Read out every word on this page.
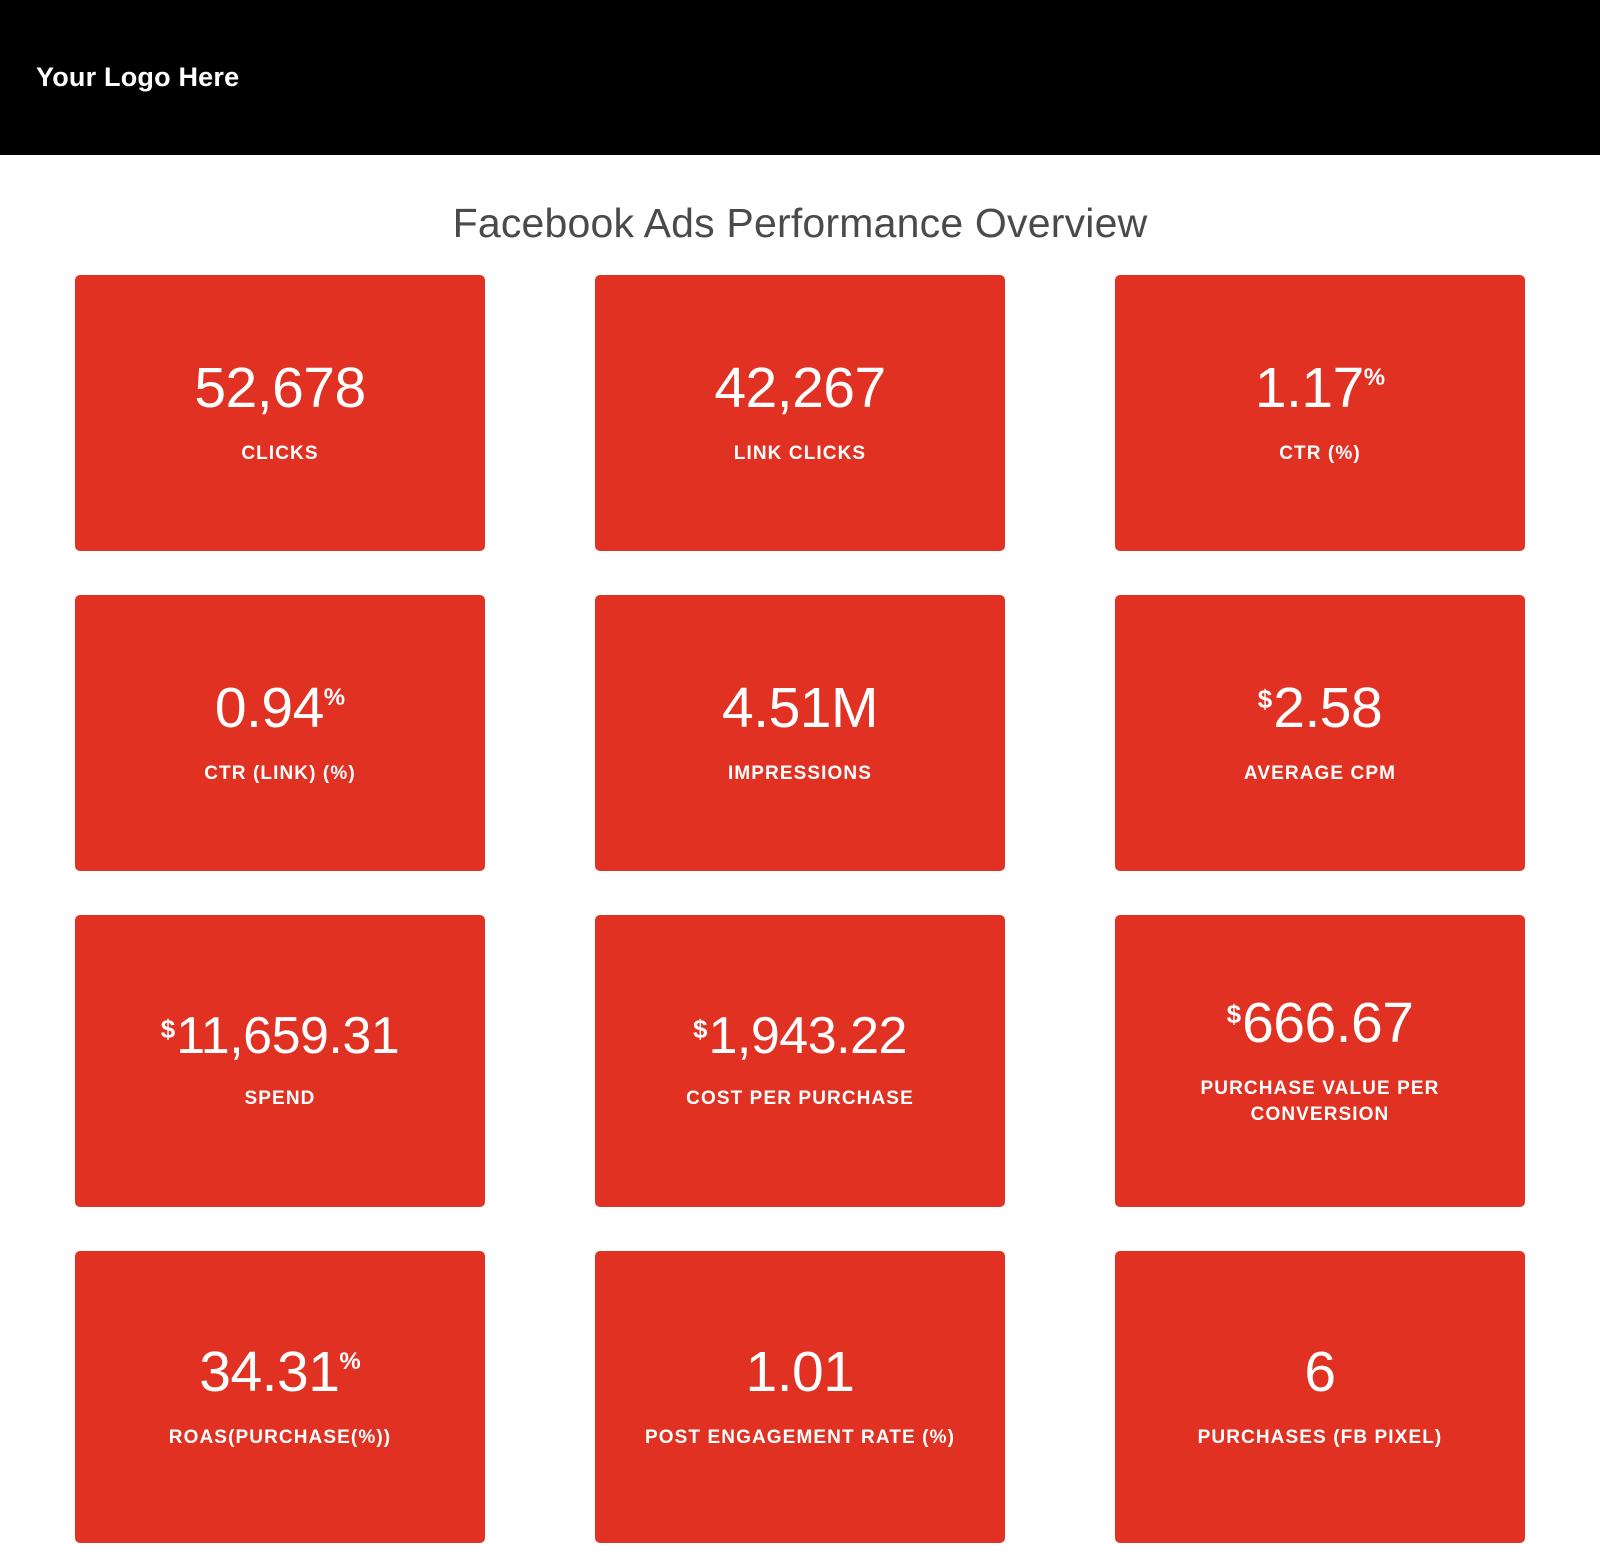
Your Logo Here
Facebook Ads Performance Overview
52,678
CLICKS
42,267
LINK CLICKS
1.17 %
CTR (%)
0.94 %
CTR (LINK) (%)
4.51M
IMPRESSIONS
$ 2.58
AVERAGE CPM
$ 11,659.31
SPEND
$ 1,943.22
COST PER PURCHASE
$ 666.67
PURCHASE VALUE PER CONVERSION
34.31 %
ROAS(PURCHASE(%))
1.01
POST ENGAGEMENT RATE (%)
6
PURCHASES (FB PIXEL)
